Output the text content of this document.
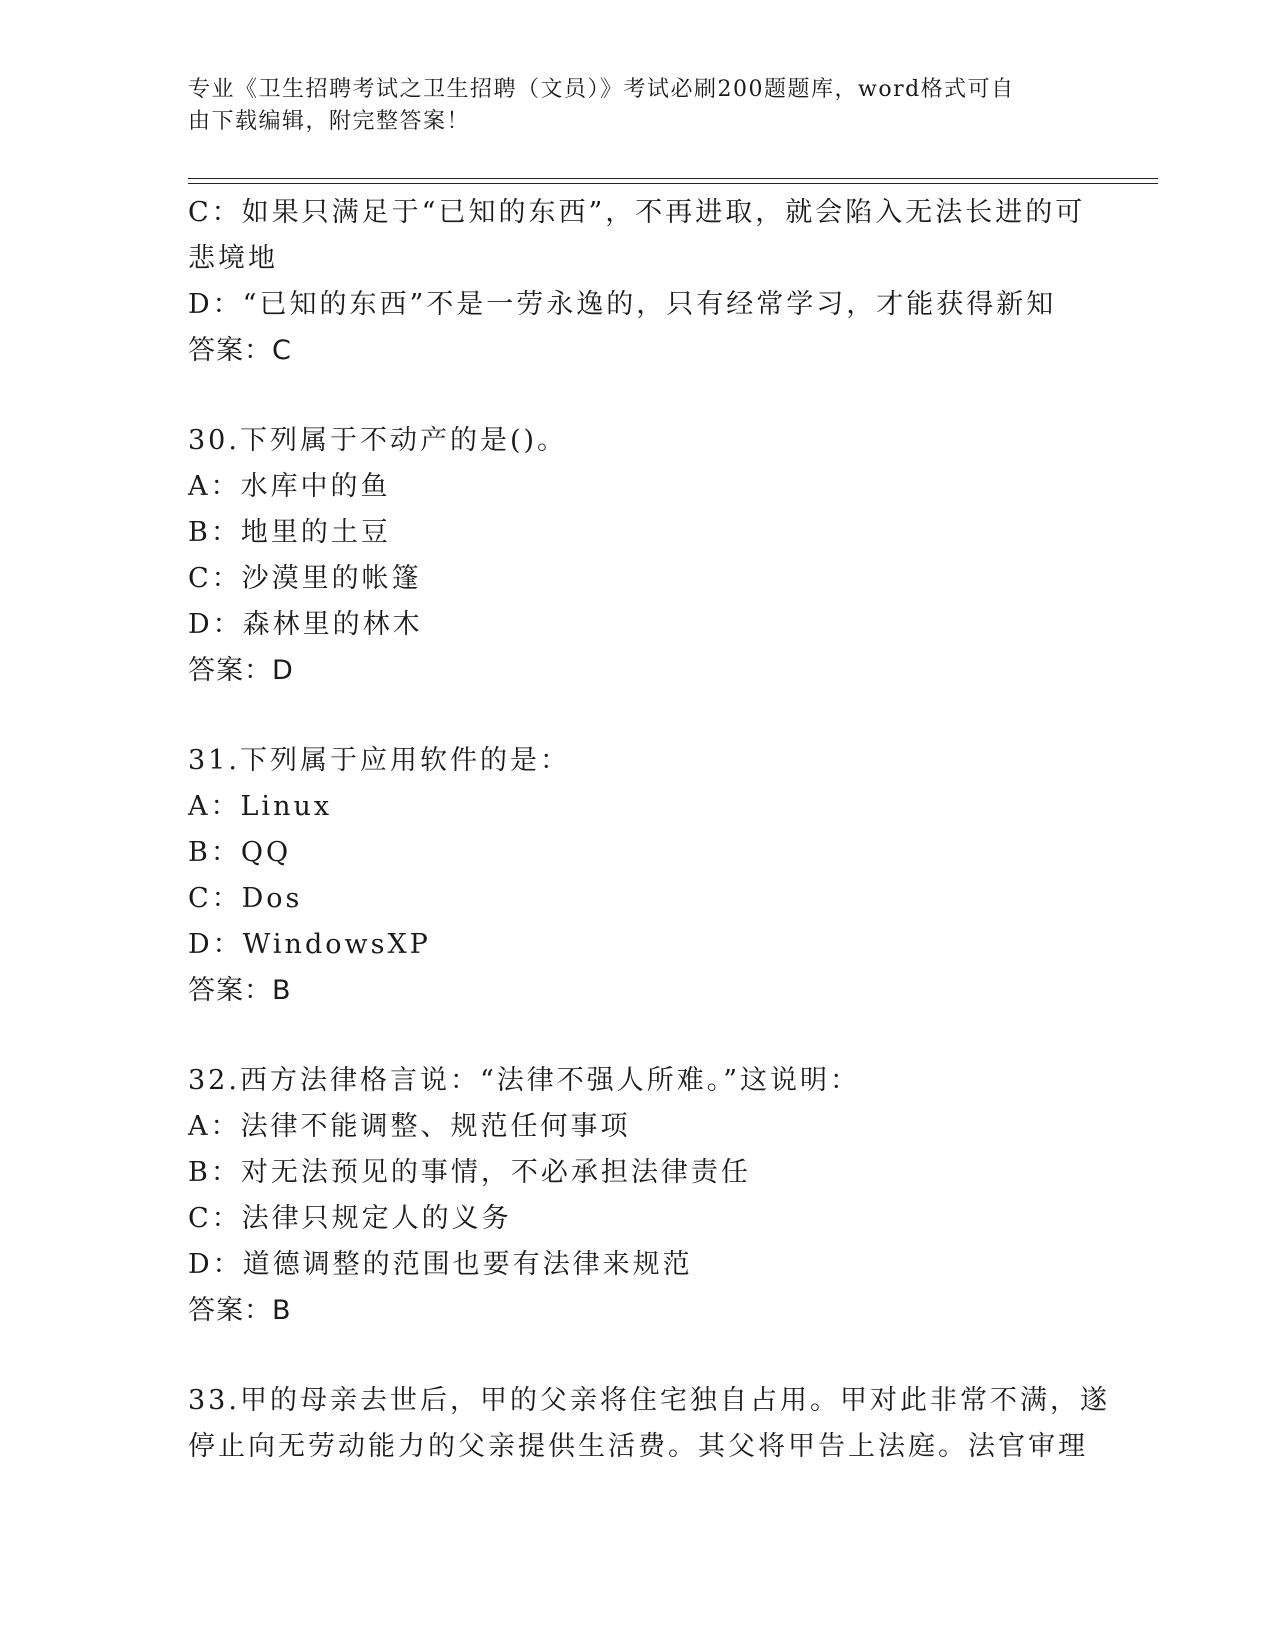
专业《卫生招聘考试之卫生招聘（文员）》考试必刷200题题库，word格式可自
由下载编辑，附完整答案！
C：如果只满足于“已知的东西”，不再进取，就会陷入无法长进的可
悲境地
D：“已知的东西”不是一劳永逸的，只有经常学习，才能获得新知
答案：C
30.下列属于不动产的是()。
A：水库中的鱼
B：地里的土豆
C：沙漠里的帐篷
D：森林里的林木
答案：D
31.下列属于应用软件的是：
A：Linux
B：QQ
C：Dos
D：WindowsXP
答案：B
32.西方法律格言说：“法律不强人所难。”这说明：
A：法律不能调整、规范任何事项
B：对无法预见的事情，不必承担法律责任
C：法律只规定人的义务
D：道德调整的范围也要有法律来规范
答案：B
33.甲的母亲去世后，甲的父亲将住宅独自占用。甲对此非常不满，遂
停止向无劳动能力的父亲提供生活费。其父将甲告上法庭。法官审理
